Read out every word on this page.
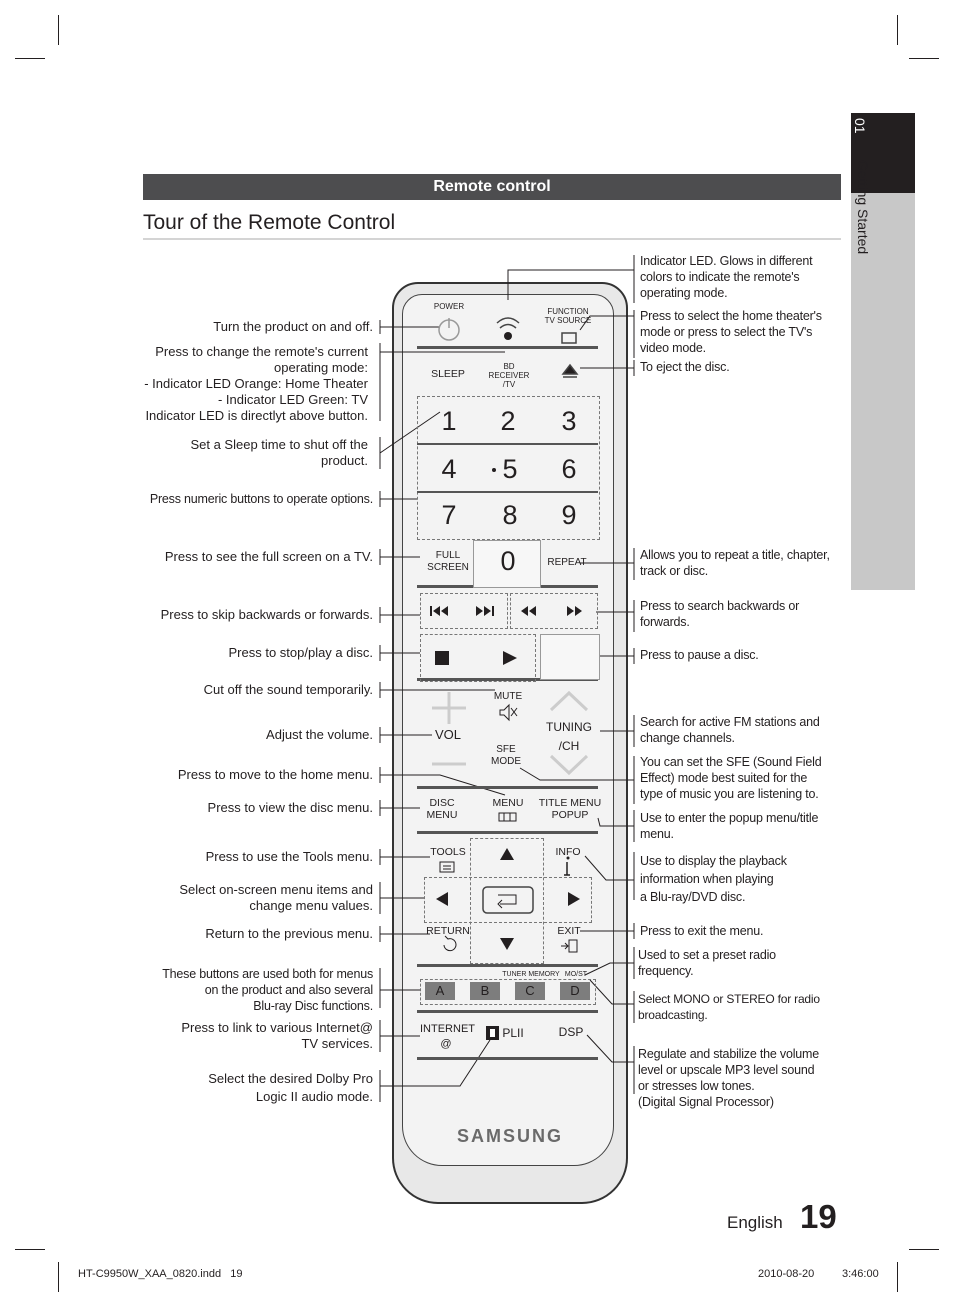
01
Getting Started
Remote control
Tour of the Remote Control
POWER
FUNCTION
TV SOURCE
SLEEP
BD RECEIVER
/TV
1	2	3
4	5	6
7	8	9
0
FULL
SCREEN	REPEAT
MUTE
VOL	TUNING
/CH
SFE
MODE
DISC
MENU
MENU	TITLE MENU
POPUP
TOOLS	INFO
RETURN	EXIT
TUNER MEMORY MO/ST
A	B	C	D
INTERNET
@
PLII	DSP
SAMSUNG
Turn the product on and off.
Press to change the remote's current
operating mode:
- Indicator LED Orange: Home Theater
- Indicator LED Green: TV
Indicator LED is directlyt above button.
Set a Sleep time to shut off the
product.
Press numeric buttons to operate options.
Press to see the full screen on a TV.
Press to skip backwards or forwards.
Press to stop/play a disc.
Cut off the sound temporarily.
Adjust the volume.
Press to move to the home menu.
Press to view the disc menu.
Press to use the Tools menu.
Select on-screen menu items and
change menu values.
Return to the previous menu.
These buttons are used both for menus
on the product and also several
Blu-ray Disc functions.
Press to link to various Internet@
TV services.
Select the desired Dolby Pro
Logic II audio mode.
Indicator LED. Glows in different
colors to indicate the remote's
operating mode.
Press to select the home theater's
mode or press to select the TV's
video mode.
To eject the disc.
Allows you to repeat a title, chapter,
track or disc.
Press to search backwards or
forwards.
Press to pause a disc.
Search for active FM stations and
change channels.
You can set the SFE (Sound Field
Effect) mode best suited for the
type of music you are listening to.
Use to enter the popup menu/title
menu.
Use to display the playback
information when playing
a Blu-ray/DVD disc.
Press to exit the menu.
Used to set a preset radio
frequency.
Select MONO or STEREO for radio
broadcasting.
Regulate and stabilize the volume
level or upscale MP3 level sound
or stresses low tones.
(Digital Signal Processor)
English 19
HT-C9950W_XAA_0820.indd   19	2010-08-20	3:46:00
